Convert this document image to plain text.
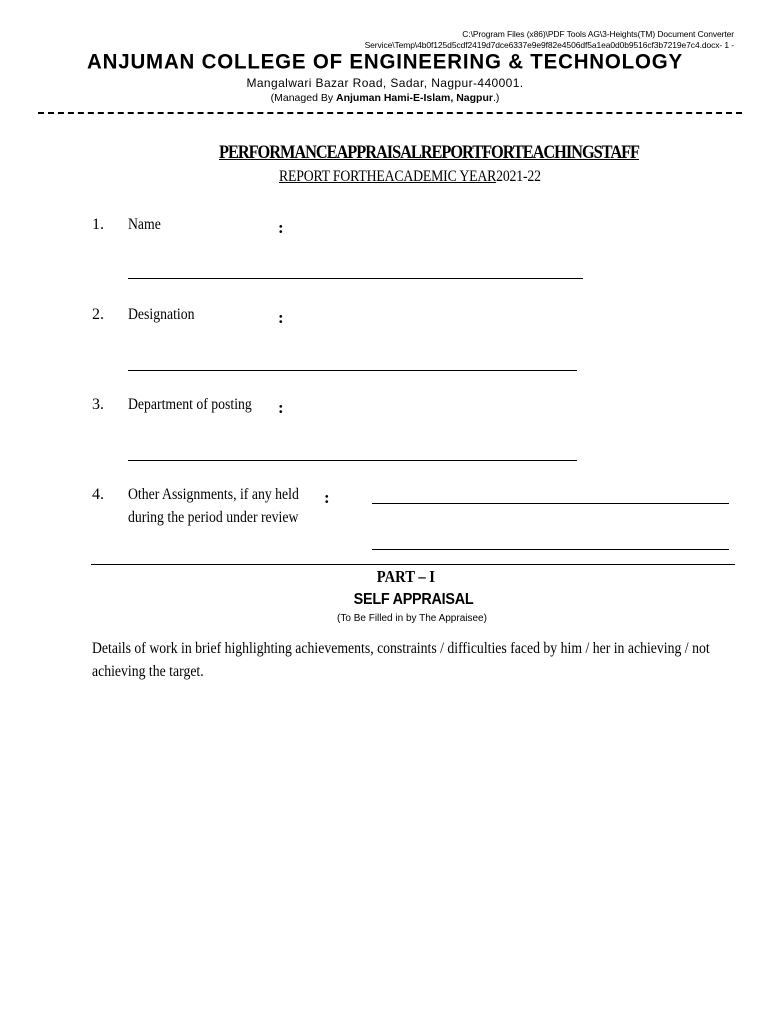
C:\Program Files (x86)\PDF Tools AG\3-Heights(TM) Document Converter
Service\Temp\4b0f125d5cdf2419d7dce6337e9e9f82e4506df5a1ea0d0b9516cf3b7219e7c4.docx- 1 -
ANJUMAN COLLEGE OF ENGINEERING & TECHNOLOGY
Mangalwari Bazar Road, Sadar, Nagpur-440001.
(Managed By Anjuman Hami-E-Islam, Nagpur.)
PERFORMANCEAPPRAISALREPORTFORTEACHINGSTAFF
REPORT FORTHEACADEMIC YEAR2021-22
1. Name	:
2. Designation	:
3. Department of posting :
4. Other Assignments, if any held
during the period under review
:
PART – I
SELF APPRAISAL
(To Be Filled in by The Appraisee)
Details of work in brief highlighting achievements, constraints / difficulties faced by him / her in achieving / not achieving the target.
